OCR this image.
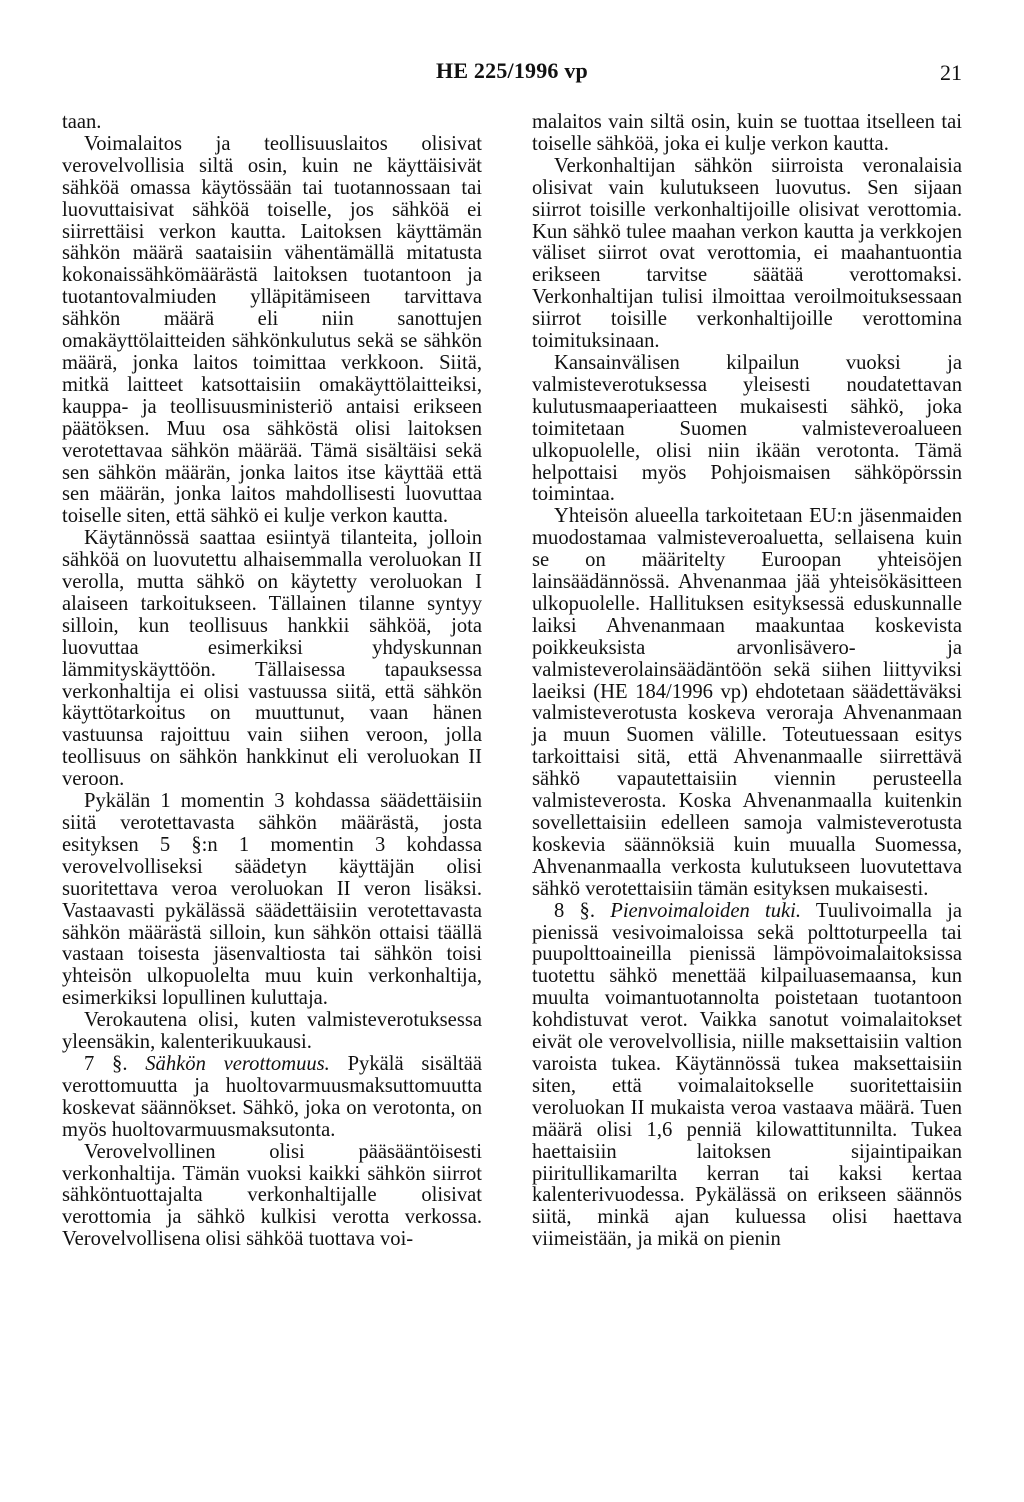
HE 225/1996 vp	21

taan.

Voimalaitos ja teollisuuslaitos olisivat verovelvollisia siltä osin, kuin ne käyttäisivät sähköä omassa käytössään tai tuotannossaan tai luovuttaisivat sähköä toiselle, jos sähköä ei siirrettäisi verkon kautta. Laitoksen käyttämän sähkön määrä saataisiin vähentämällä mitatusta kokonaissähkömäärästä laitoksen tuotantoon ja tuotantovalmiuden ylläpitämiseen tarvittava sähkön määrä eli niin sanottujen omakäyttölaitteiden sähkönkulutus sekä se sähkön määrä, jonka laitos toimittaa verkkoon. Siitä, mitkä laitteet katsottaisiin omakäyttölaitteiksi, kauppa- ja teollisuusministeriö antaisi erikseen päätöksen. Muu osa sähköstä olisi laitoksen verotettavaa sähkön määrää. Tämä sisältäisi sekä sen sähkön määrän, jonka laitos itse käyttää että sen määrän, jonka laitos mahdollisesti luovuttaa toiselle siten, että sähkö ei kulje verkon kautta.

Käytännössä saattaa esiintyä tilanteita, jolloin sähköä on luovutettu alhaisemmalla veroluokan II verolla, mutta sähkö on käytetty veroluokan I alaiseen tarkoitukseen. Tällainen tilanne syntyy silloin, kun teollisuus hankkii sähköä, jota luovuttaa esimerkiksi yhdyskunnan lämmityskäyttöön. Tällaisessa tapauksessa verkonhaltija ei olisi vastuussa siitä, että sähkön käyttötarkoitus on muuttunut, vaan hänen vastuunsa rajoittuu vain siihen veroon, jolla teollisuus on sähkön hankkinut eli veroluokan II veroon.

Pykälän 1 momentin 3 kohdassa säädettäisiin siitä verotettavasta sähkön määrästä, josta esityksen 5 §:n 1 momentin 3 kohdassa verovelvolliseksi säädetyn käyttäjän olisi suoritettava veroa veroluokan II veron lisäksi. Vastaavasti pykälässä säädettäisiin verotettavasta sähkön määrästä silloin, kun sähkön ottaisi täällä vastaan toisesta jäsenvaltiosta tai sähkön toisi yhteisön ulkopuolelta muu kuin verkonhaltija, esimerkiksi lopullinen kuluttaja.

Verokautena olisi, kuten valmisteverotuksessa yleensäkin, kalenterikuukausi.

7 §. Sähkön verottomuus. Pykälä sisältää verottomuutta ja huoltovarmuusmaksuttomuutta koskevat säännökset. Sähkö, joka on verotonta, on myös huoltovarmuusmaksutonta.

Verovelvollinen olisi pääsääntöisesti verkonhaltija. Tämän vuoksi kaikki sähkön siirrot sähköntuottajalta verkonhaltijalle olisivat verottomia ja sähkö kulkisi verotta verkossa. Verovelvollisena olisi sähköä tuottava voi-

malaitos vain siltä osin, kuin se tuottaa itselleen tai toiselle sähköä, joka ei kulje verkon kautta.

Verkonhaltijan sähkön siirroista veronalaisia olisivat vain kulutukseen luovutus. Sen sijaan siirrot toisille verkonhaltijoille olisivat verottomia. Kun sähkö tulee maahan verkon kautta ja verkkojen väliset siirrot ovat verottomia, ei maahantuontia erikseen tarvitse säätää verottomaksi. Verkonhaltijan tulisi ilmoittaa veroilmoituksessaan siirrot toisille verkonhaltijoille verottomina toimituksinaan.

Kansainvälisen kilpailun vuoksi ja valmisteverotuksessa yleisesti noudatettavan kulutusmaaperiaatteen mukaisesti sähkö, joka toimitetaan Suomen valmisteveroalueen ulkopuolelle, olisi niin ikään verotonta. Tämä helpottaisi myös Pohjoismaisen sähköpörssin toimintaa.

Yhteisön alueella tarkoitetaan EU:n jäsenmaiden muodostamaa valmisteveroaluetta, sellaisena kuin se on määritelty Euroopan yhteisöjen lainsäädännössä. Ahvenanmaa jää yhteisökäsitteen ulkopuolelle. Hallituksen esityksessä eduskunnalle laiksi Ahvenanmaan maakuntaa koskevista poikkeuksista arvonlisävero- ja valmisteverolainsäädäntöön sekä siihen liittyviksi laeiksi (HE 184/1996 vp) ehdotetaan säädettäväksi valmisteverotusta koskeva veroraja Ahvenanmaan ja muun Suomen välille. Toteutuessaan esitys tarkoittaisi sitä, että Ahvenanmaalle siirrettävä sähkö vapautettaisiin viennin perusteella valmisteverosta. Koska Ahvenanmaalla kuitenkin sovellettaisiin edelleen samoja valmisteverotusta koskevia säännöksiä kuin muualla Suomessa, Ahvenanmaalla verkosta kulutukseen luovutettava sähkö verotettaisiin tämän esityksen mukaisesti.

8 §. Pienvoimaloiden tuki. Tuulivoimalla ja pienissä vesivoimaloissa sekä polttoturpeella tai puupolttoaineilla pienissä lämpövoimalaitoksissa tuotettu sähkö menettää kilpailuasemaansa, kun muulta voimantuotannolta poistetaan tuotantoon kohdistuvat verot. Vaikka sanotut voimalaitokset eivät ole verovelvollisia, niille maksettaisiin valtion varoista tukea. Käytännössä tukea maksettaisiin siten, että voimalaitokselle suoritettaisiin veroluokan II mukaista veroa vastaava määrä. Tuen määrä olisi 1,6 penniä kilowattitunnilta. Tukea haettaisiin laitoksen sijaintipaikan piiritullikamarilta kerran tai kaksi kertaa kalenterivuodessa. Pykälässä on erikseen säännös siitä, minkä ajan kuluessa olisi haettava viimeistään, ja mikä on pienin
